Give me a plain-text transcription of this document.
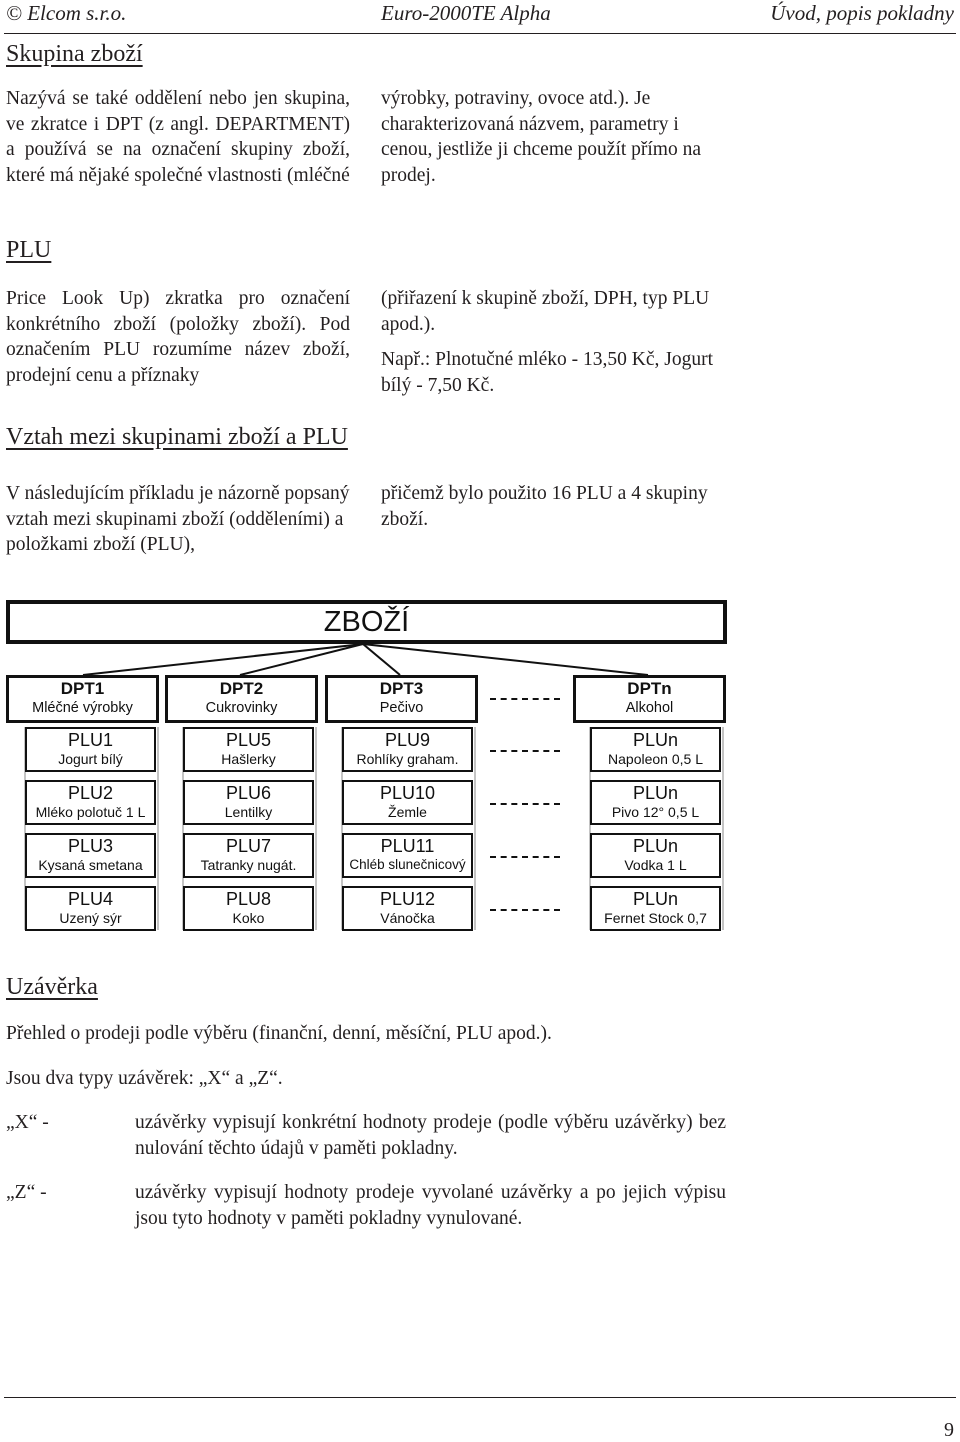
© Elcom s.r.o.	Euro-2000TE Alpha	Úvod, popis pokladny
Skupina zboží
Nazývá se také oddělení nebo jen skupina, ve zkratce i DPT (z angl. DEPARTMENT) a používá se na označení skupiny zboží, které má nějaké společné vlastnosti (mléčné
výrobky, potraviny, ovoce atd.). Je charakterizovaná názvem, parametry i cenou, jestliže ji chceme použít přímo na prodej.
PLU
Price Look Up) zkratka pro označení konkrétního zboží (položky zboží). Pod označením PLU rozumíme název zboží, prodejní cenu a příznaky

(přiřazení k skupině zboží, DPH, typ PLU apod.).

Např.: Plnotučné mléko - 13,50 Kč, Jogurt bílý - 7,50 Kč.

Vztah mezi skupinami zboží a PLU
V následujícím příkladu je názorně popsaný vztah mezi skupinami zboží (odděleními) a položkami zboží (PLU),
přičemž bylo použito 16 PLU a 4 skupiny zboží.
ZBOŽÍ
DPT1
Mléčné výrobky
DPT2
Cukrovinky
DPT3
Pečivo
DPTn
Alkohol
PLU1
Jogurt bílý
PLU5
Hašlerky
PLU9
Rohlíky graham.
PLUn
Napoleon 0,5 L
PLU2
Mléko polotuč 1 L
PLU6
Lentilky
PLU10
Žemle
PLUn
Pivo 12° 0,5 L
PLU3
Kysaná smetana
PLU7
Tatranky nugát.
PLU11
Chléb slunečnicový
PLUn
Vodka 1 L
PLU4
Uzený sýr
PLU8
Koko
PLU12
Vánočka
PLUn
Fernet Stock 0,7
Uzávěrka
Přehled o prodeji podle výběru (finanční, denní, měsíční, PLU apod.).
Jsou dva typy uzávěrek: „X“ a „Z“.
„X“ -	uzávěrky vypisují konkrétní hodnoty prodeje (podle výběru uzávěrky) bez nulování těchto údajů v paměti pokladny.
„Z“ -	uzávěrky vypisují hodnoty prodeje vyvolané uzávěrky a po jejich výpisu jsou tyto hodnoty v paměti pokladny vynulované.
9
